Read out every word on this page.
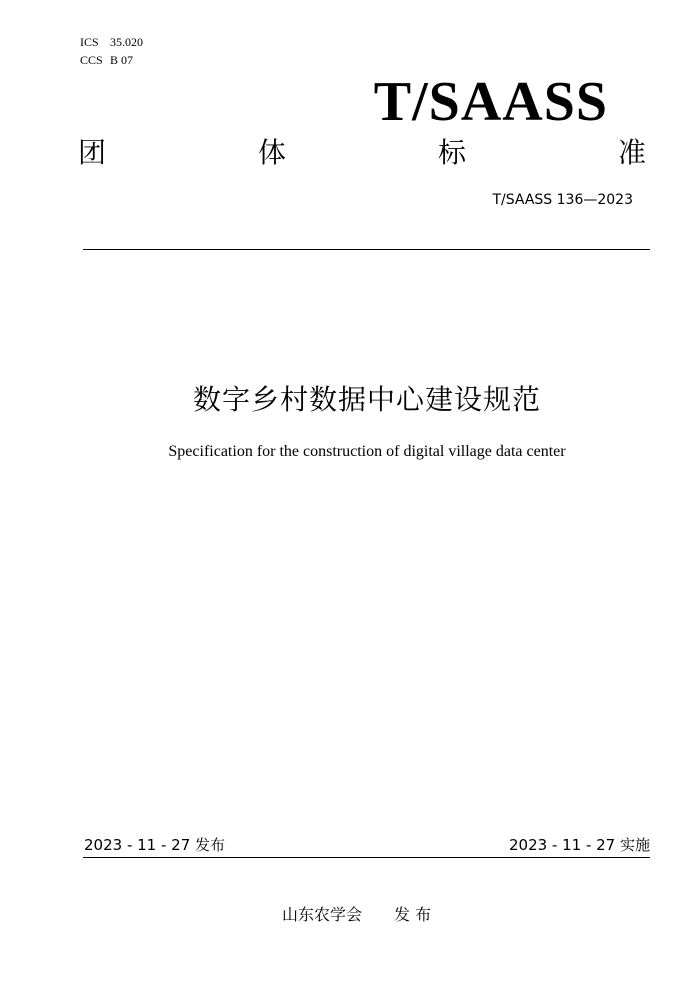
ICS 35.020
CCS B 07
T/SAASS
团	体	标	准
T/SAASS 136—2023
数字乡村数据中心建设规范
Specification for the construction of digital village data center
2023 - 11 - 27 发布	2023 - 11 - 27 实施
山东农学会 发 布
